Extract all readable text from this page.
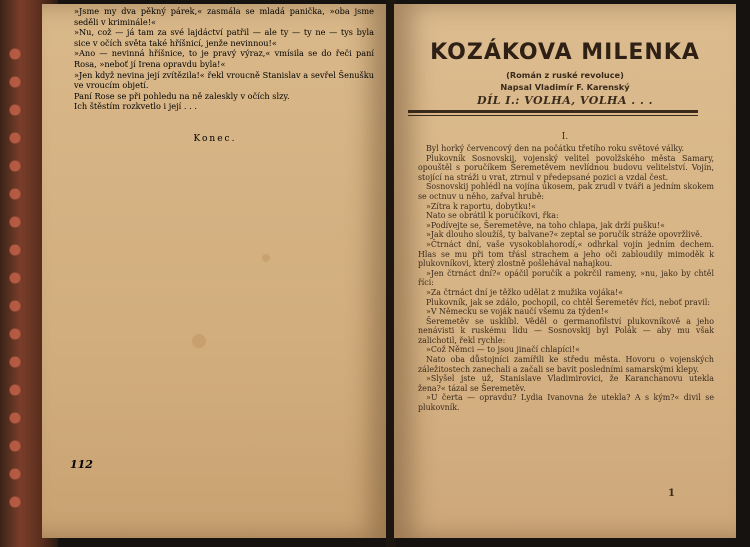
KOZÁKOVA MILENKA
(Román z ruské revoluce)
Napsal Vladimír F. Karenský
DÍL I.: VOLHA, VOLHA . . .
I.

Byl horký červencový den na počátku třetího roku světové války.

Plukovník Sosnovskij, vojenský velitel povolžského města Samary, opouštěl s poručíkem Šeremetěvem nevlídnou budovu velitelství. Vojín, stojící na stráži u vrat, ztrnul v předepsané pozici a vzdal čest.

Sosnovskij pohlédl na vojína úkosem, pak zrudl v tváři a jedním skokem se octnuv u něho, zařval hrubě:

»Zítra k raportu, dobytku!«

Nato se obrátil k poručíkovi, řka:

»Podívejte se, Šeremetěve, na toho chlapa, jak drží pušku!«

»Jak dlouho sloužíš, ty balvane?« zeptal se poručík stráže opovržlivě.

»Čtrnáct dní, vaše vysokoblahorodí,« odhrkal vojín jedním dechem. Hlas se mu při tom třásl strachem a jeho oči zabloudily mimoděk k plukovníkovi, který zlostně pošlehával nahajkou.

»Jen čtrnáct dní?« opáčil poručík a pokrčil rameny, »nu, jako by chtěl říci:

»Za čtrnáct dní je těžko udělat z mužika vojáka!«

Plukovník, jak se zdálo, pochopil, co chtěl Šeremetěv říci, neboť pravil:

»V Německu se voják naučí všemu za týden!«

Šeremetěv se usklíbl. Věděl o germanofilství plukovníkově a jeho nenávisti k ruskému lidu — Sosnovskij byl Polák — aby mu však zalichotil, řekl rychle:

»Což Němci — to jsou jinačí chlapíci!«

Nato oba důstojníci zamířili ke středu města. Hovoru o vojenských záležitostech zanechali a začali se bavit posledními samarskými klepy.

»Slyšel jste už, Stanislave Vladimirovici, že Karanchanovu utekla žena?« tázal se Šeremetěv.

»U čerta — opravdu? Lydia Ivanovna že utekla? A s kým?« divil se plukovník.

1

»Jsme my dva pěkný párek,« zasmála se mladá panička, »oba jsme seděli v kriminále!«

»Nu, což — já tam za své lajdáctví patřil — ale ty — ty ne — tys byla sice v očích světa také hříšnicí, jenže nevinnou!«

»Ano — nevinná hříšnice, to je pravý výraz,« vmísila se do řeči paní Rosa, »neboť jí Irena opravdu byla!«

»Jen když nevina její zvítězila!« řekl vroucně Stanislav a sevřel Šenušku ve vroucím objetí.

Paní Rose se při pohledu na ně zaleskly v očích slzy.

Ich štěstím rozkvetlo i její . . .

Konec.
112
